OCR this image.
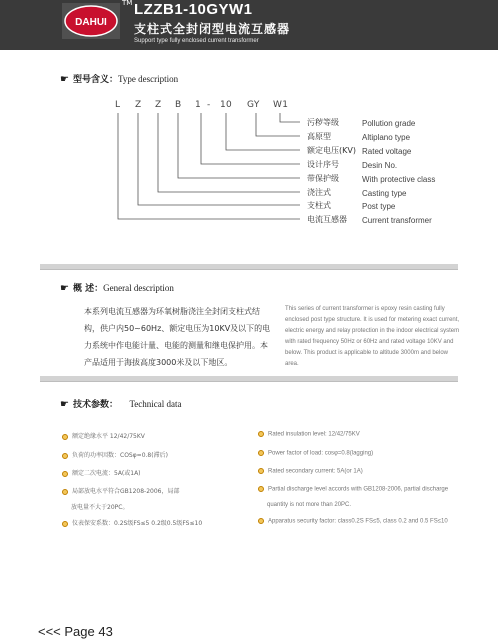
DAHUI
TM LZZB1-10GYW1
支柱式全封闭型电流互感器
Support type fully enclosed current transformer
☛ 型号含义：Type description
L Z Z B 1 - 10 GY W1
污秽等级
高原型
额定电压(KV)
设计序号
带保护级
浇注式
支柱式
电流互感器
Pollution grade
Altiplano type
Rated voltage
Desin No.
With protective class
Casting type
Post type
Current transformer
☛ 概 述：General description
本系列电流互感器为环氧树脂浇注全封闭支柱式结构，供户内50~60Hz、额定电压为10KV及以下的电力系统中作电能计量、电能的测量和继电保护用。本产品适用于海拔高度3000米及以下地区。
This series of current transformer is epoxy resin casting fully enclosed post type structure. It is used for metering exact current, electric energy and relay protection in the indoor electrical system with rated frequency 50Hz or 60Hz and rated voltage 10KV and below. This product is applicable to altitude 3000m and below area.
☛ 技术参数： Technical data
额定绝缘水平 12/42/75KV
负荷的功率因数：COSφ=0.8(滞后)
额定二次电流：5A(或1A)
局部放电水平符合GB1208-2006，局部
放电量不大于20PC。
仪表保安系数：0.2S级FS≤5 0.2级0.5级FS≤10
Rated insulation level: 12/42/75KV
Power factor of load: cosφ=0.8(lagging)
Rated secondary current: 5A(or 1A)
Partial discharge level accords with GB1208-2006, partial discharge
quantity is not more than 20PC.
Apparatus security factor: class0.2S FS≤5, class 0.2 and 0.5 FS≤10
<<< Page 43
